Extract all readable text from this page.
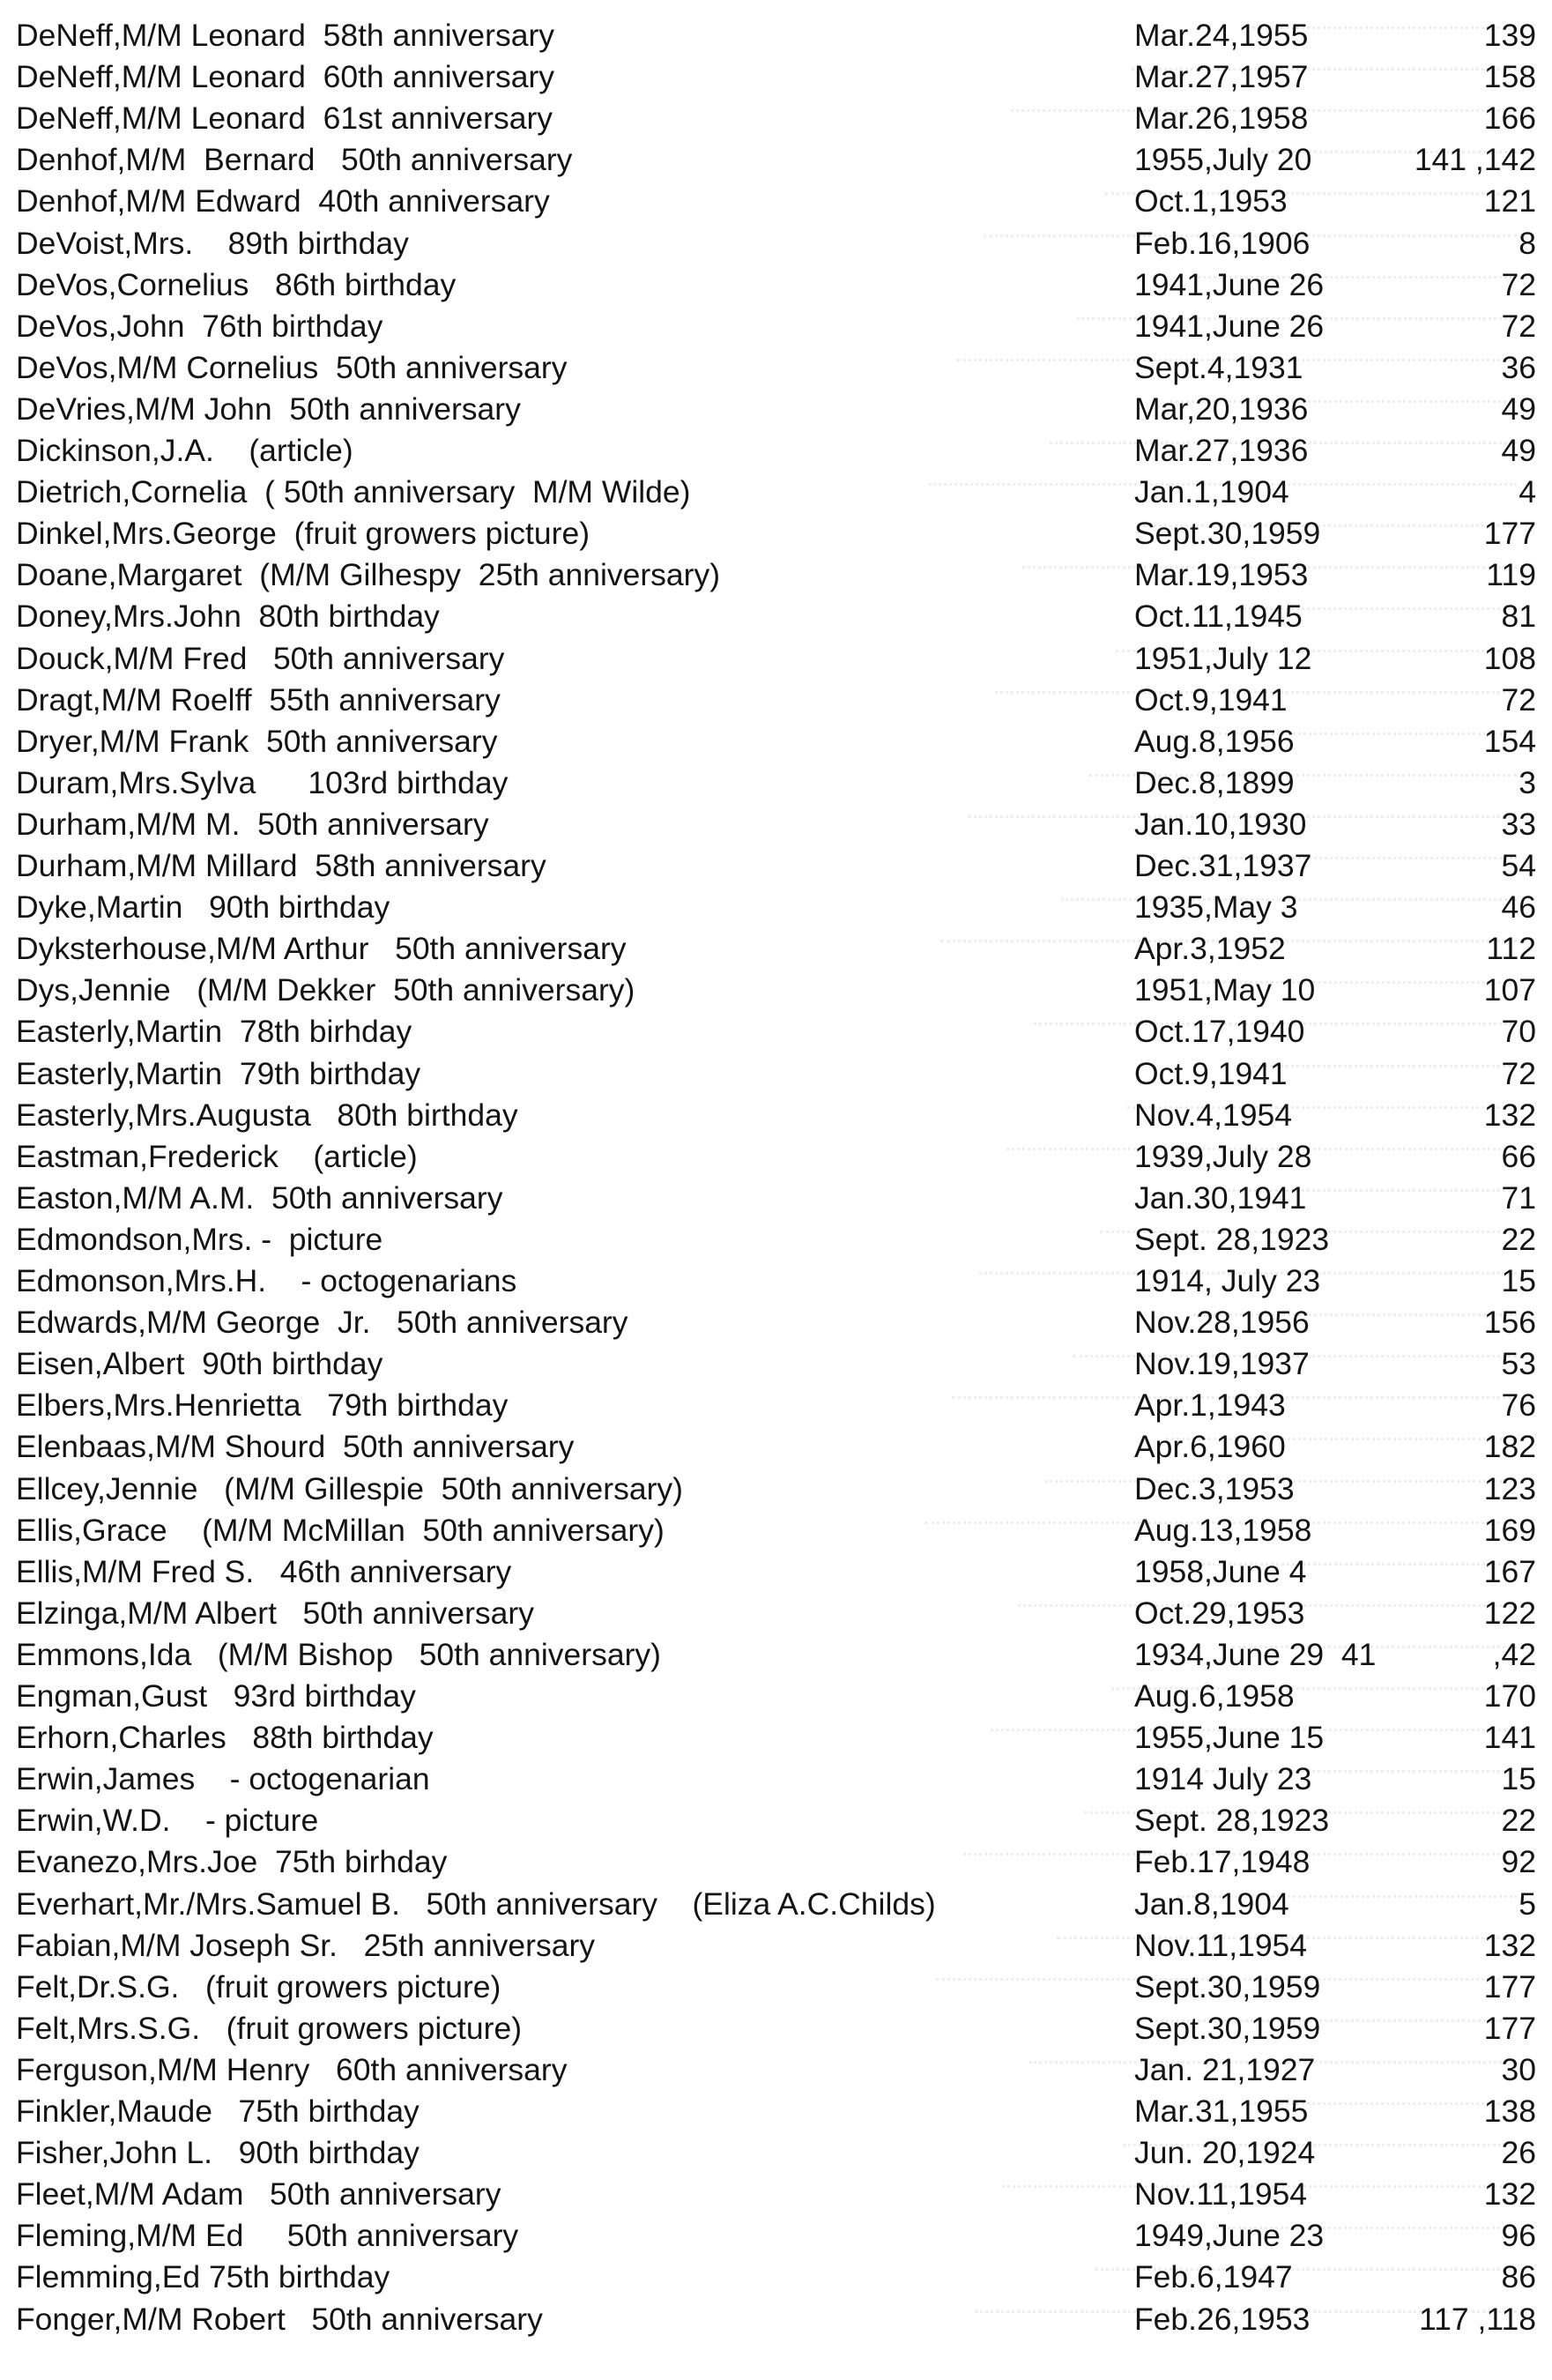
DeNeff,M/M Leonard  58th anniversary	Mar.24,1955	139
DeNeff,M/M Leonard  60th anniversary	Mar.27,1957	158
DeNeff,M/M Leonard  61st anniversary	Mar.26,1958	166
Denhof,M/M  Bernard   50th anniversary	1955,July 20	141 ,142
Denhof,M/M Edward  40th anniversary	Oct.1,1953	121
DeVoist,Mrs.    89th birthday	Feb.16,1906	8
DeVos,Cornelius   86th birthday	1941,June 26	72
DeVos,John  76th birthday	1941,June 26	72
DeVos,M/M Cornelius  50th anniversary	Sept.4,1931	36
DeVries,M/M John  50th anniversary	Mar,20,1936	49
Dickinson,J.A.    (article)	Mar.27,1936	49
Dietrich,Cornelia  ( 50th anniversary  M/M Wilde)	Jan.1,1904	4
Dinkel,Mrs.George  (fruit growers picture)	Sept.30,1959	177
Doane,Margaret  (M/M Gilhespy  25th anniversary)	Mar.19,1953	119
Doney,Mrs.John  80th birthday	Oct.11,1945	81
Douck,M/M Fred   50th anniversary	1951,July 12	108
Dragt,M/M Roelff  55th anniversary	Oct.9,1941	72
Dryer,M/M Frank  50th anniversary	Aug.8,1956	154
Duram,Mrs.Sylva      103rd birthday	Dec.8,1899	3
Durham,M/M M.  50th anniversary	Jan.10,1930	33
Durham,M/M Millard  58th anniversary	Dec.31,1937	54
Dyke,Martin   90th birthday	1935,May 3	46
Dyksterhouse,M/M Arthur   50th anniversary	Apr.3,1952	112
Dys,Jennie   (M/M Dekker  50th anniversary)	1951,May 10	107
Easterly,Martin  78th birhday	Oct.17,1940	70
Easterly,Martin  79th birthday	Oct.9,1941	72
Easterly,Mrs.Augusta   80th birthday	Nov.4,1954	132
Eastman,Frederick    (article)	1939,July 28	66
Easton,M/M A.M.  50th anniversary	Jan.30,1941	71
Edmondson,Mrs. -  picture	Sept. 28,1923	22
Edmonson,Mrs.H.    - octogenarians	1914, July 23	15
Edwards,M/M George  Jr.   50th anniversary	Nov.28,1956	156
Eisen,Albert  90th birthday	Nov.19,1937	53
Elbers,Mrs.Henrietta   79th birthday	Apr.1,1943	76
Elenbaas,M/M Shourd  50th anniversary	Apr.6,1960	182
Ellcey,Jennie   (M/M Gillespie  50th anniversary)	Dec.3,1953	123
Ellis,Grace    (M/M McMillan  50th anniversary)	Aug.13,1958	169
Ellis,M/M Fred S.   46th anniversary	1958,June 4	167
Elzinga,M/M Albert   50th anniversary	Oct.29,1953	122
Emmons,Ida   (M/M Bishop   50th anniversary)	1934,June 29  41	,42
Engman,Gust   93rd birthday	Aug.6,1958	170
Erhorn,Charles   88th birthday	1955,June 15	141
Erwin,James    - octogenarian	1914 July 23	15
Erwin,W.D.    - picture	Sept. 28,1923	22
Evanezo,Mrs.Joe  75th birhday	Feb.17,1948	92
Everhart,Mr./Mrs.Samuel B.   50th anniversary    (Eliza A.C.Childs)	Jan.8,1904	5
Fabian,M/M Joseph Sr.   25th anniversary	Nov.11,1954	132
Felt,Dr.S.G.   (fruit growers picture)	Sept.30,1959	177
Felt,Mrs.S.G.   (fruit growers picture)	Sept.30,1959	177
Ferguson,M/M Henry   60th anniversary	Jan. 21,1927	30
Finkler,Maude   75th birthday	Mar.31,1955	138
Fisher,John L.   90th birthday	Jun. 20,1924	26
Fleet,M/M Adam   50th anniversary	Nov.11,1954	132
Fleming,M/M Ed     50th anniversary	1949,June 23	96
Flemming,Ed 75th birthday	Feb.6,1947	86
Fonger,M/M Robert   50th anniversary	Feb.26,1953	117 ,118
